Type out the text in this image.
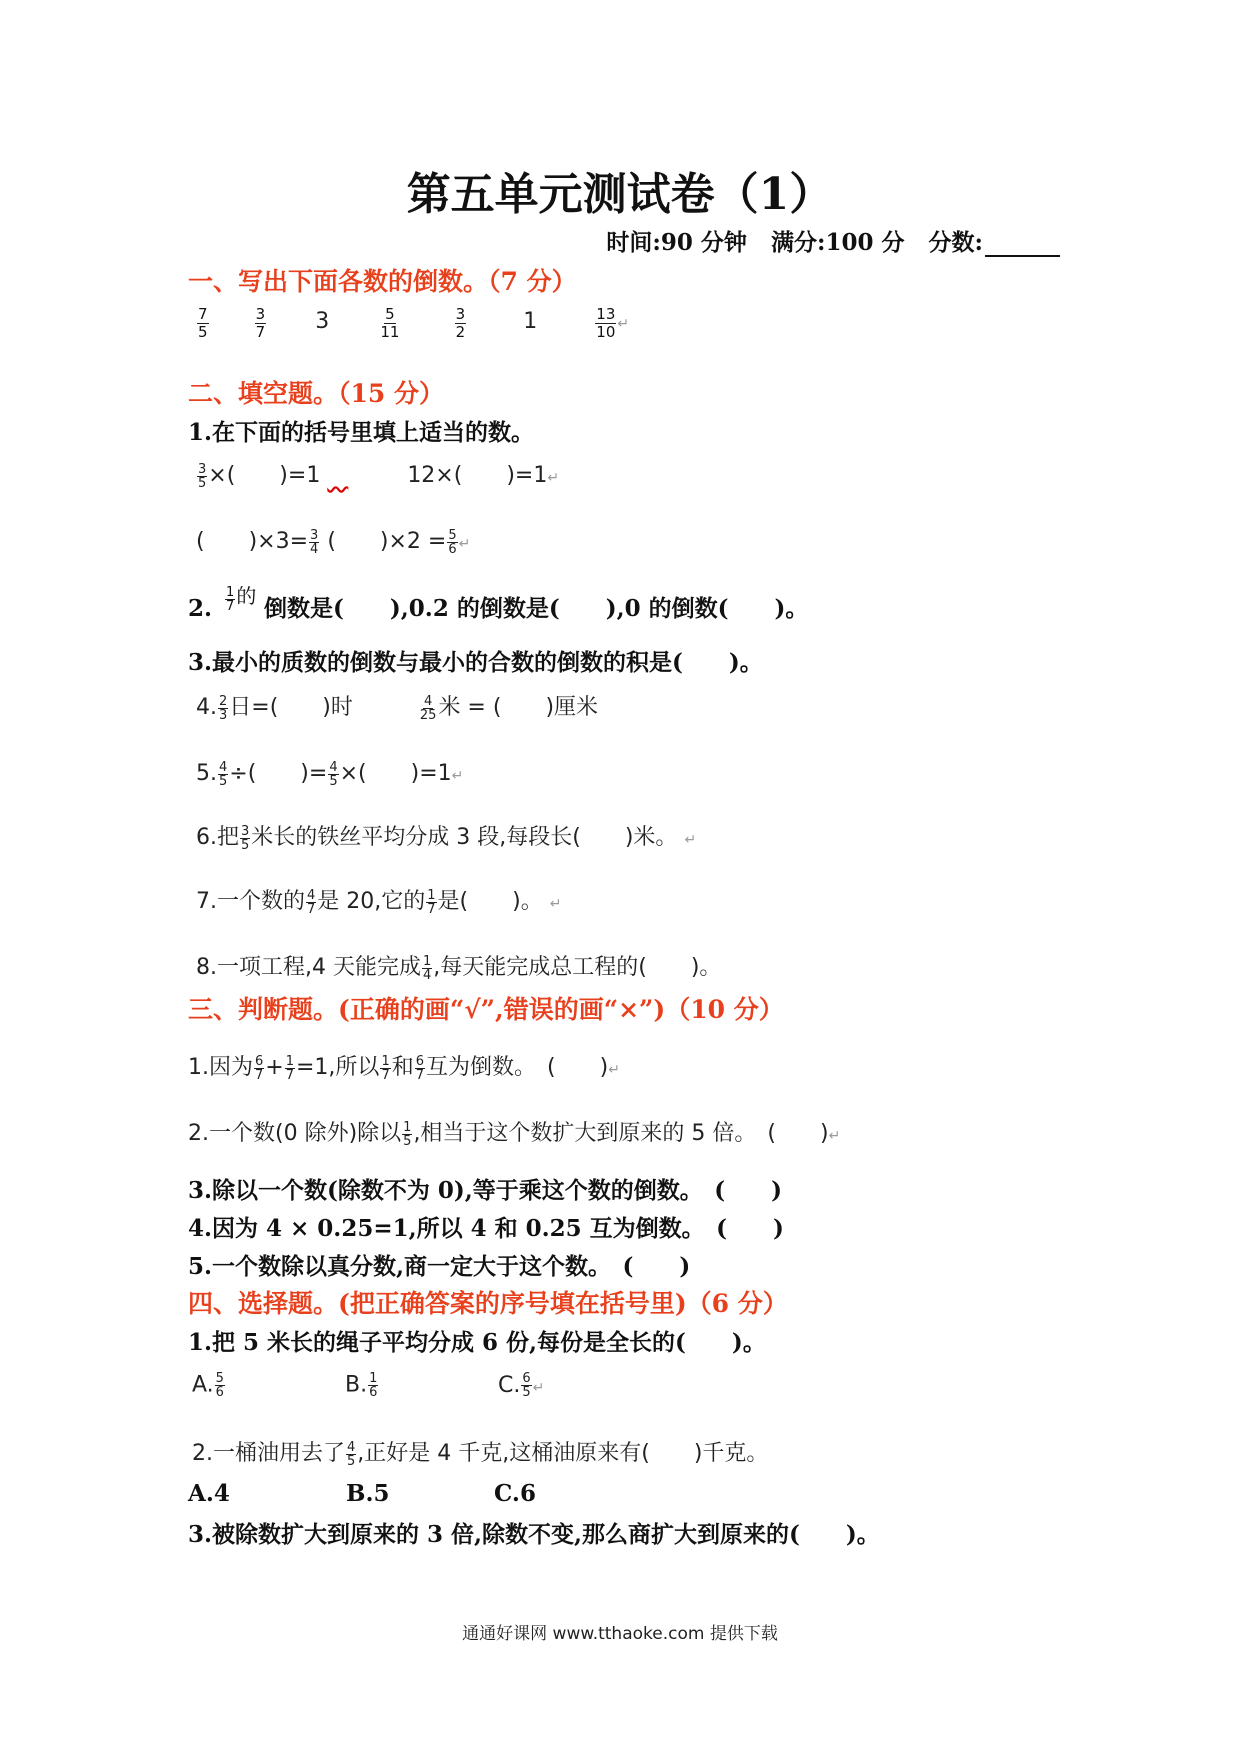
第五单元测试卷（1）
时间:90 分钟 满分:100 分 分数:
一、写出下面各数的倒数。（7 分）
$\frac{7}{5}$
	$\frac{3}{7} 3$	$\frac{5}{11}$
	$\frac{3}{2}$	1	$\frac{13}{10}$ ↵
二、填空题。（15 分）
1.在下面的括号里填上适当的数。
$\frac{3}{5}$ ×(　　)=1	12×(　　)=1↵
(　　)$\times 3= \frac{3}{4}$ (　　)$\times 2 = \frac{5}{6}$ ↵
2. $\frac{1}{7}$ 的 倒数是(　　),0.2 的倒数是(　　),0 的倒数(　　)。
3.最小的质数的倒数与最小的合数的倒数的积是(　　)。
4. $\frac{2}{3}$ 日=(　　)时	$\frac{4}{25}$ 米 = (　　)厘米
5. $\frac{4}{5}$ ÷(　　)= $\frac{4}{5}$ ×(　　)=1↵
6.把 $\frac{3}{5}$ 米长的铁丝平均分成 3 段,每段长(　　)米。 ↵
7.一个数的 $\frac{4}{7}$ 是 20,它的 $\frac{1}{7}$ 是(　　)。 ↵
8.一项工程,4 天能完成 $\frac{1}{4}$ ,每天能完成总工程的(　　)。
三、判断题。(正确的画“√”,错误的画“×”)（10 分）
1.因为 $\frac{6}{7} + \frac{1}{7} =1$,所以 $\frac{1}{7}$ 和 $\frac{6}{7}$ 互为倒数。　(　　)↵
2.一个数(0 除外)除以 $\frac{1}{5}$ ,相当于这个数扩大到原来的 5 倍。　(　　)↵
3.除以一个数(除数不为 0),等于乘这个数的倒数。　(　　)
4.因为 4 × 0.25=1,所以 4 和 0.25 互为倒数。　(　　)
5.一个数除以真分数,商一定大于这个数。　(　　)
四、选择题。(把正确答案的序号填在括号里)（6 分）
1.把 5 米长的绳子平均分成 6 份,每份是全长的(　　)。
A. $\frac{5}{6}$	B. $\frac{1}{6}$	C. $\frac{6}{5}$ ↵
2.一桶油用去了 $\frac{4}{5}$ ,正好是 4 千克,这桶油原来有(　　)千克。
A.4	B.5	C.6
3.被除数扩大到原来的 3 倍,除数不变,那么商扩大到原来的(　　)。
通通好课网 www.tthaoke.com 提供下载
